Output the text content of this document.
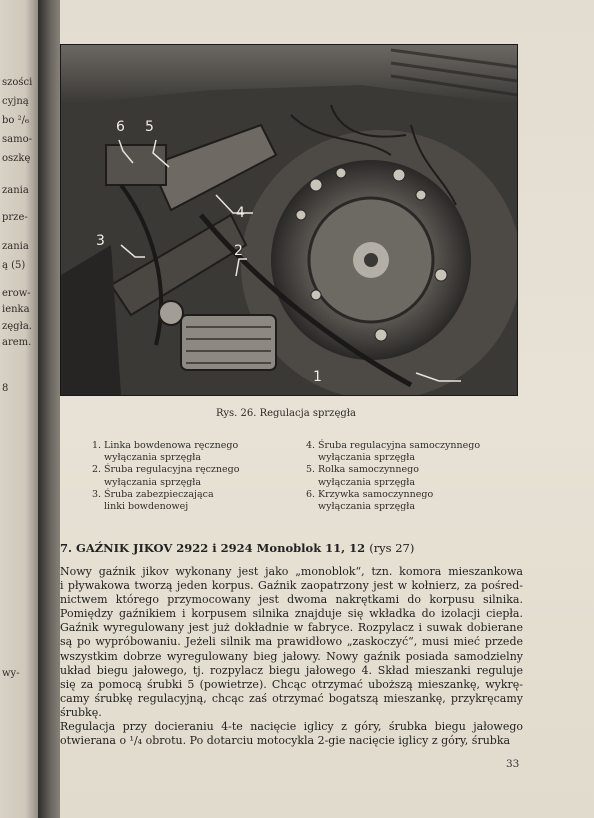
szości
cyjną
bo ²/₆
samo-
oszkę
zania
prze-
zania
ą (5)
erow-
ienka
zęgła.
arem.
8
wy-
1
2
3
4
5
6
Rys. 26. Regulacja sprzęgła
1. Linka bowdenowa ręcznego
wyłączania sprzęgła
2. Śruba regulacyjna ręcznego
wyłączania sprzęgła
3. Śruba zabezpieczająca
linki bowdenowej
4. Śruba regulacyjna samoczynnego
wyłączania sprzęgła
5. Rolka samoczynnego
wyłączania sprzęgła
6. Krzywka samoczynnego
wyłączania sprzęgła
7. GAŹNIK JIKOV 2922 i 2924 Monoblok 11, 12 (rys 27)
Nowy gaźnik jikov wykonany jest jako „monoblok“, tzn. komora mieszankowa
i pływakowa tworzą jeden korpus. Gaźnik zaopatrzony jest w kołnierz, za pośred-
nictwem którego przymocowany jest dwoma nakrętkami do korpusu silnika.
Pomiędzy gaźnikiem i korpusem silnika znajduje się wkładka do izolacji ciepła.
Gaźnik wyregulowany jest już dokładnie w fabryce. Rozpylacz i suwak dobierane
są po wypróbowaniu. Jeżeli silnik ma prawidłowo „zaskoczyć“, musi mieć przede
wszystkim dobrze wyregulowany bieg jałowy. Nowy gaźnik posiada samodzielny
układ biegu jałowego, tj. rozpylacz biegu jałowego 4. Skład mieszanki reguluje
się za pomocą śrubki 5 (powietrze). Chcąc otrzymać uboższą mieszankę, wykrę-
camy śrubkę regulacyjną, chcąc zaś otrzymać bogatszą mieszankę, przykręcamy
śrubkę.
Regulacja przy docieraniu 4-te nacięcie iglicy z góry, śrubka biegu jałowego
otwierana o ¹/₄ obrotu. Po dotarciu motocykla 2-gie nacięcie iglicy z góry, śrubka
33
